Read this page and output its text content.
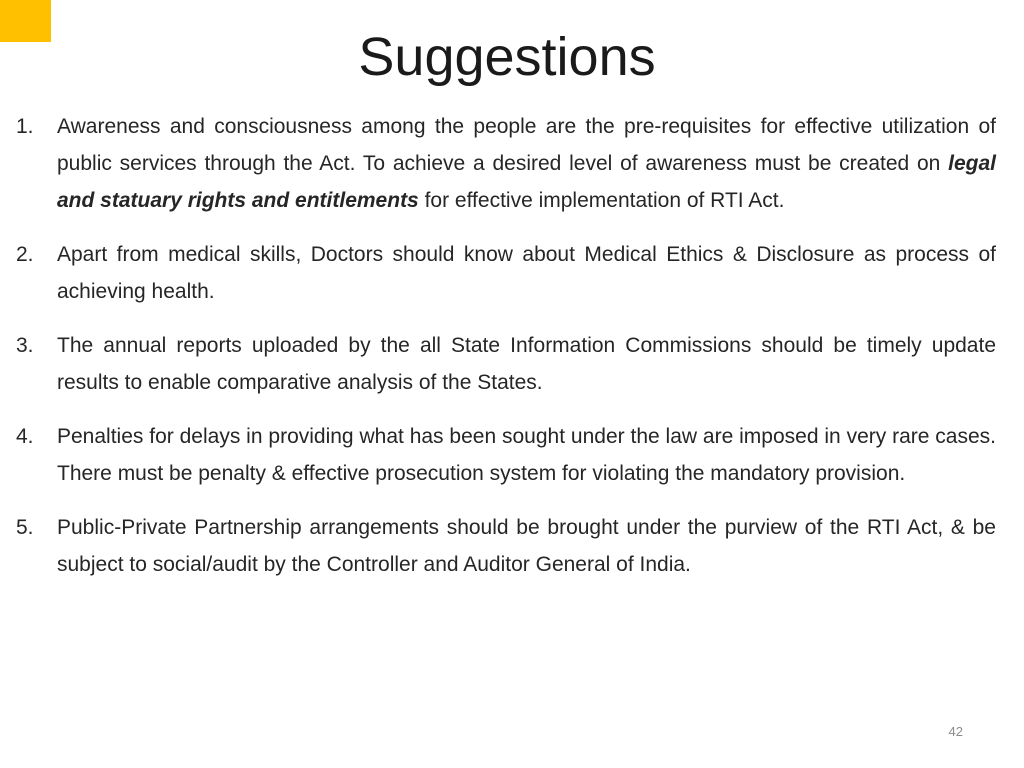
Suggestions
1.	Awareness and consciousness among the people are the pre-requisites for effective utilization of public services through the Act. To achieve a desired level of awareness must be created on legal and statuary rights and entitlements for effective implementation of RTI Act.
2.	Apart from medical skills, Doctors should know about Medical Ethics & Disclosure as process of achieving health.
3.	The annual reports uploaded by the all State Information Commissions should be timely update results to enable comparative analysis of the States.
4.	Penalties for delays in providing what has been sought under the law are imposed in very rare cases. There must be penalty & effective prosecution system for violating the mandatory provision.
5.	Public-Private Partnership arrangements should be brought under the purview of the RTI Act, & be subject to social/audit by the Controller and Auditor General of India.
42
